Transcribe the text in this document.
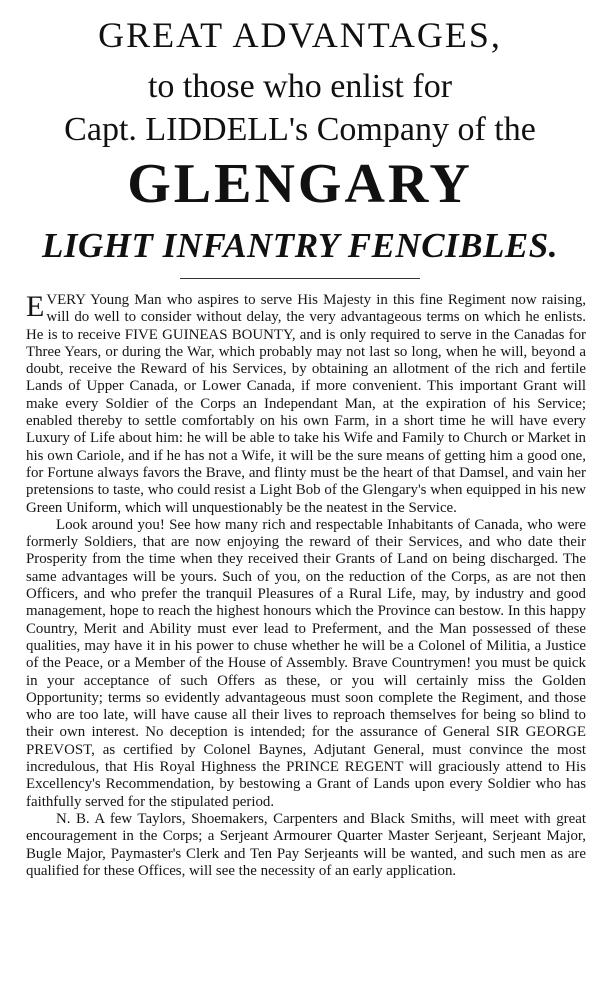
GREAT ADVANTAGES,
to those who enlist for
Capt. LIDDELL's Company of the
GLENGARY
LIGHT INFANTRY FENCIBLES.

EVERY Young Man who aspires to serve His Majesty in this fine Regiment now raising, will do well to consider without delay, the very advantageous terms on which he enlists. He is to receive FIVE GUINEAS BOUNTY, and is only required to serve in the Canadas for Three Years, or during the War, which probably may not last so long, when he will, beyond a doubt, receive the Reward of his Services, by obtaining an allotment of the rich and fertile Lands of Upper Canada, or Lower Canada, if more convenient. This important Grant will make every Soldier of the Corps an Independant Man, at the expiration of his Service; enabled thereby to settle comfortably on his own Farm, in a short time he will have every Luxury of Life about him: he will be able to take his Wife and Family to Church or Market in his own Cariole, and if he has not a Wife, it will be the sure means of getting him a good one, for Fortune always favors the Brave, and flinty must be the heart of that Damsel, and vain her pretensions to taste, who could resist a Light Bob of the Glengary's when equipped in his new Green Uniform, which will unquestionably be the neatest in the Service.

Look around you! See how many rich and respectable Inhabitants of Canada, who were formerly Soldiers, that are now enjoying the reward of their Services, and who date their Prosperity from the time when they received their Grants of Land on being discharged. The same advantages will be yours. Such of you, on the reduction of the Corps, as are not then Officers, and who prefer the tranquil Pleasures of a Rural Life, may, by industry and good management, hope to reach the highest honours which the Province can bestow. In this happy Country, Merit and Ability must ever lead to Preferment, and the Man possessed of these qualities, may have it in his power to chuse whether he will be a Colonel of Militia, a Justice of the Peace, or a Member of the House of Assembly. Brave Countrymen! you must be quick in your acceptance of such Offers as these, or you will certainly miss the Golden Opportunity; terms so evidently advantageous must soon complete the Regiment, and those who are too late, will have cause all their lives to reproach themselves for being so blind to their own interest. No deception is intended; for the assurance of General SIR GEORGE PREVOST, as certified by Colonel Baynes, Adjutant General, must convince the most incredulous, that His Royal Highness the PRINCE REGENT will graciously attend to His Excellency's Recommendation, by bestowing a Grant of Lands upon every Soldier who has faithfully served for the stipulated period.

N. B. A few Taylors, Shoemakers, Carpenters and Black Smiths, will meet with great encouragement in the Corps; a Serjeant Armourer Quarter Master Serjeant, Serjeant Major, Bugle Major, Paymaster's Clerk and Ten Pay Serjeants will be wanted, and such men as are qualified for these Offices, will see the necessity of an early application.
